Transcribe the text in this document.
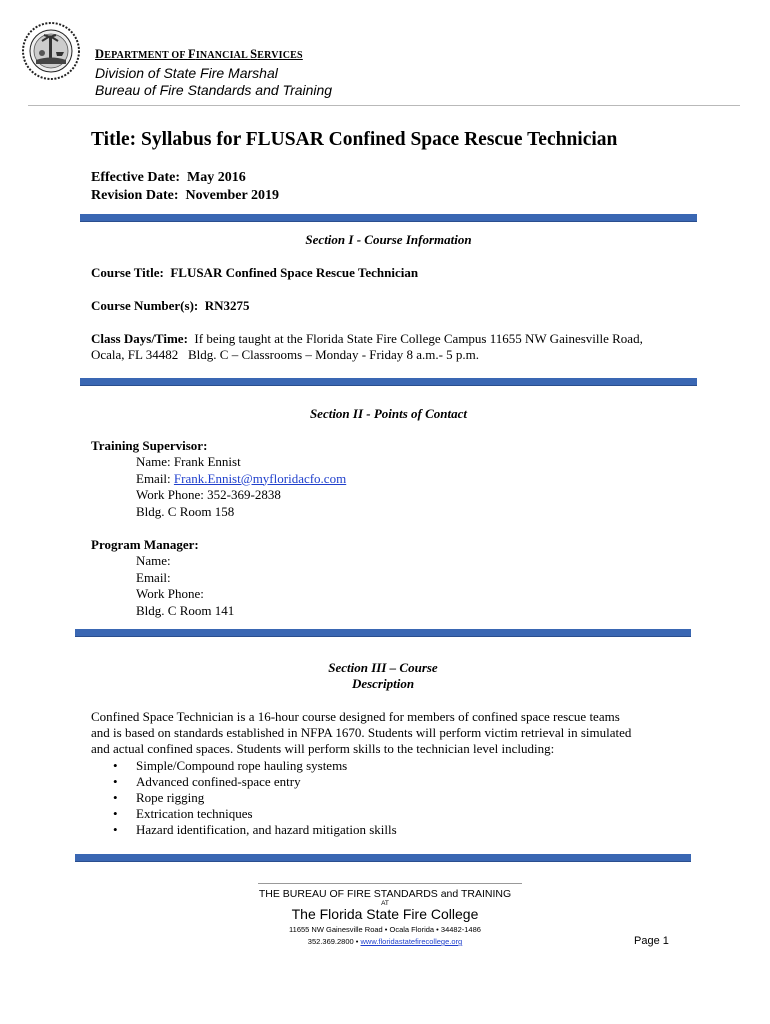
DEPARTMENT OF FINANCIAL SERVICES
Division of State Fire Marshal
Bureau of Fire Standards and Training
Title: Syllabus for FLUSAR Confined Space Rescue Technician
Effective Date: May 2016
Revision Date: November 2019
Section I - Course Information
Course Title: FLUSAR Confined Space Rescue Technician
Course Number(s): RN3275
Class Days/Time: If being taught at the Florida State Fire College Campus 11655 NW Gainesville Road,
Ocala, FL 34482   Bldg. C – Classrooms – Monday - Friday 8 a.m.- 5 p.m.
Section II - Points of Contact
Training Supervisor:
Name: Frank Ennist
Email: Frank.Ennist@myfloridacfo.com
Work Phone: 352-369-2838
Bldg. C Room 158
Program Manager:
Name:
Email:
Work Phone:
Bldg. C Room 141
Section III – Course
Description
Confined Space Technician is a 16-hour course designed for members of confined space rescue teams
and is based on standards established in NFPA 1670. Students will perform victim retrieval in simulated
and actual confined spaces. Students will perform skills to the technician level including:
• Simple/Compound rope hauling systems
• Advanced confined-space entry
• Rope rigging
• Extrication techniques
• Hazard identification, and hazard mitigation skills
THE BUREAU OF FIRE STANDARDS and TRAINING
AT
The Florida State Fire College
11655 NW Gainesville Road • Ocala Florida • 34482-1486
352.369.2800 • www.floridastatefirecollege.org	Page 1
